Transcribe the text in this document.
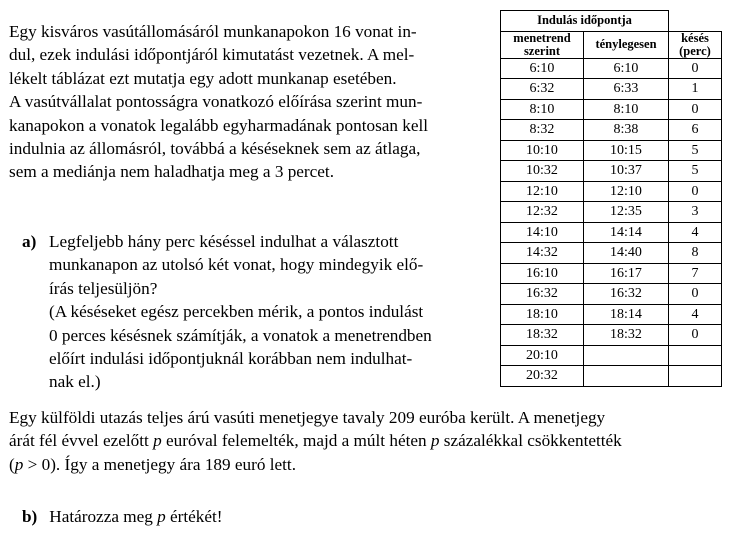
Egy kisváros vasútállomásáról munkanapokon 16 vonat in-

dul, ezek indulási időpontjáról kimutatást vezetnek. A mel-

lékelt táblázat ezt mutatja egy adott munkanap esetében.

A vasútvállalat pontosságra vonatkozó előírása szerint mun-

kanapokon a vonatok legalább egyharmadának pontosan kell

indulnia az állomásról, továbbá a késéseknek sem az átlaga,

sem a mediánja nem haladhatja meg a 3 percet.

a) Legfeljebb hány perc késéssel indulhat a választott

munkanapon az utolsó két vonat, hogy mindegyik elő-

írás teljesüljön?

(A késéseket egész percekben mérik, a pontos indulást

0 perces késésnek számítják, a vonatok a menetrendben

előírt indulási időpontjuknál korábban nem indulhat-

nak el.)

Indulás időpontja		
menetrend
szerint	ténylegesen	késés
(perc)
6:10	6:10	0
6:32	6:33	1
8:10	8:10	0
8:32	8:38	6
10:10	10:15	5
10:32	10:37	5
12:10	12:10	0
12:32	12:35	3
14:10	14:14	4
14:32	14:40	8
16:10	16:17	7
16:32	16:32	0
18:10	18:14	4
18:32	18:32	0
20:10		
20:32		

Egy külföldi utazás teljes árú vasúti menetjegye tavaly 209 euróba került. A menetjegy

árát fél évvel ezelőtt p euróval felemelték, majd a múlt héten p százalékkal csökkentették

(p > 0). Így a menetjegy ára 189 euró lett.

b) Határozza meg p értékét!
